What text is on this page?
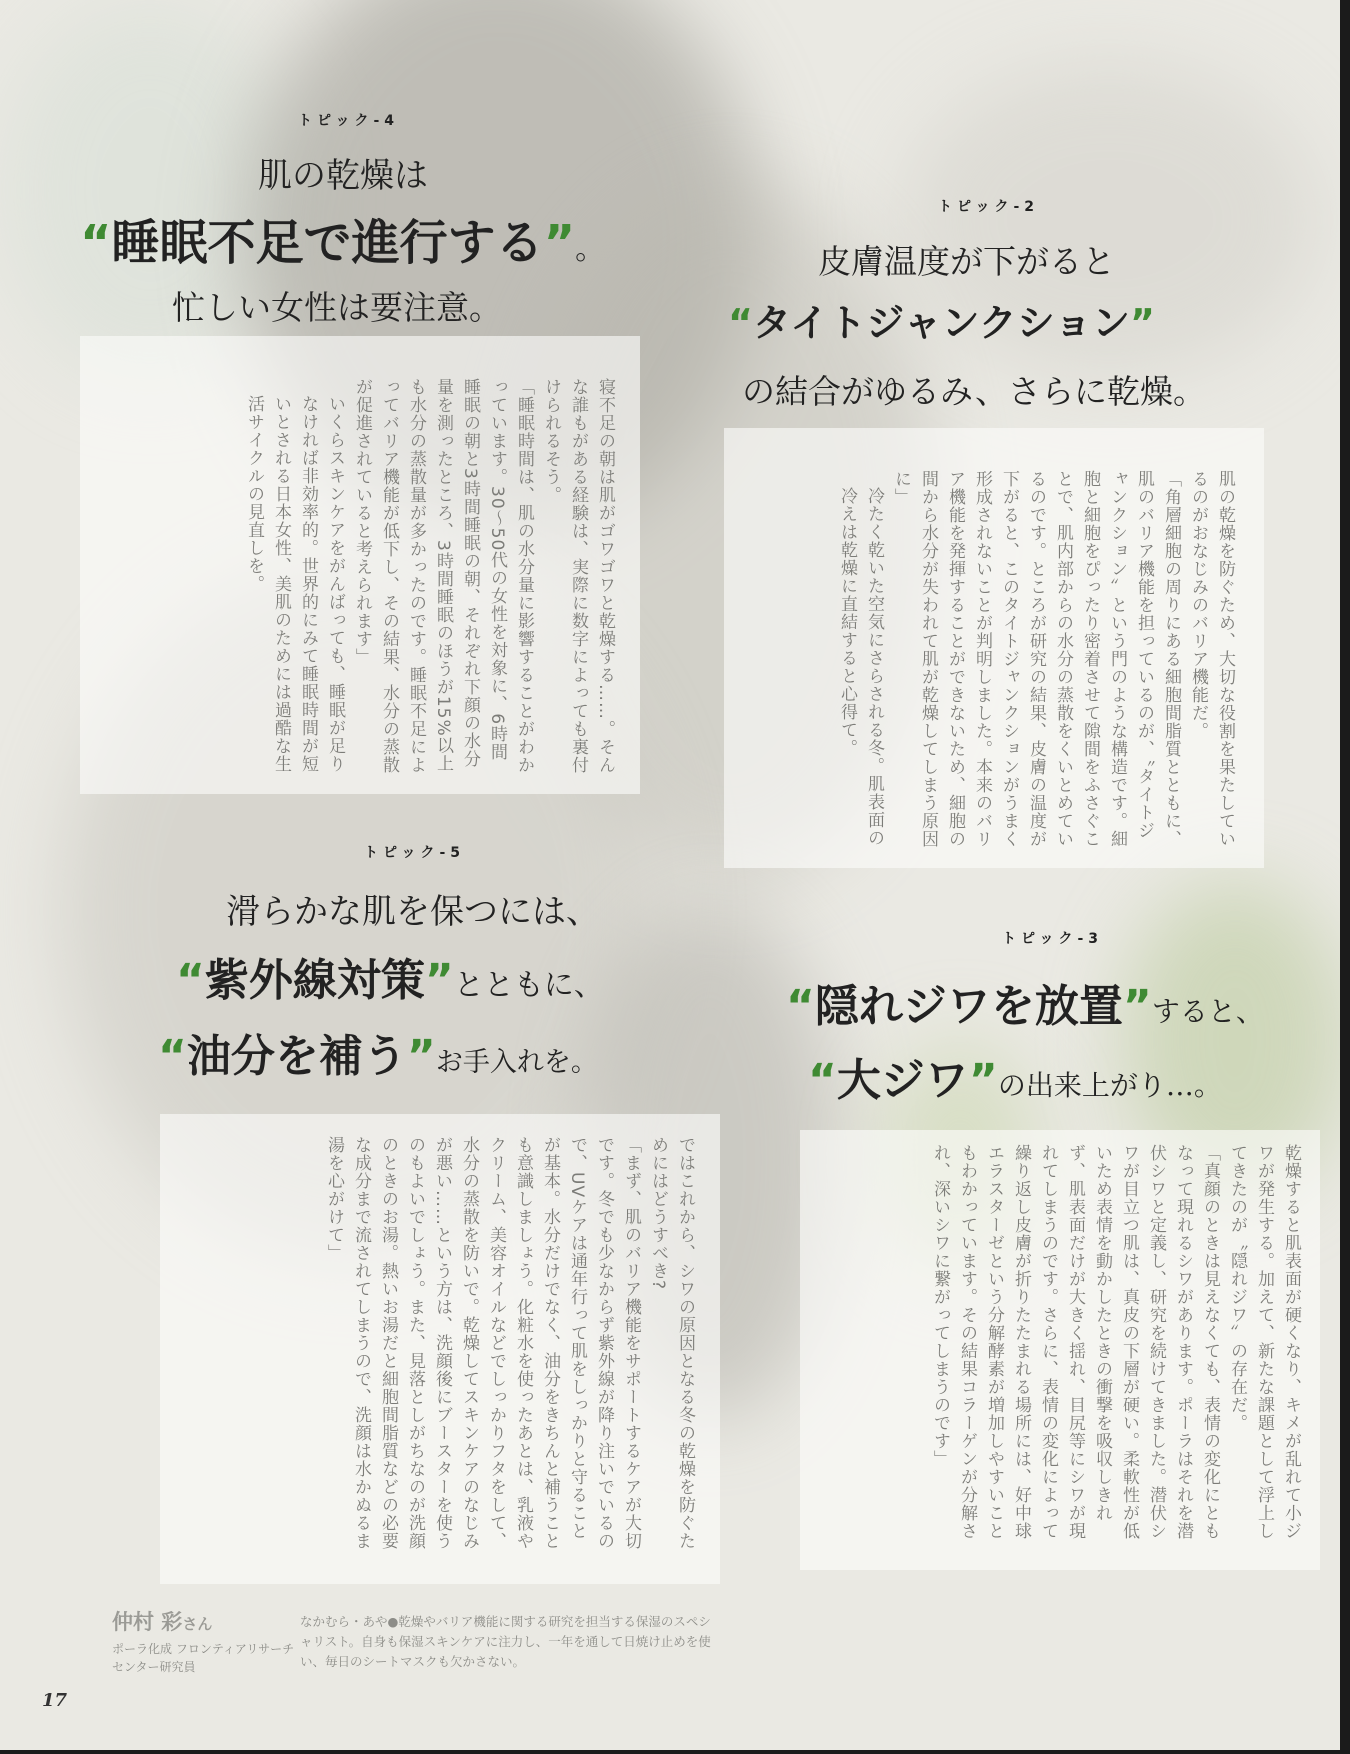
トピック-4
肌の乾燥は
“睡眠不足で進行する”。
忙しい女性は要注意。

寝不足の朝は肌がゴワゴワと乾燥する……。そんな誰もがある経験は、実際に数字によっても裏付けられるそう。

「睡眠時間は、肌の水分量に影響することがわかっています。30〜50代の女性を対象に、6時間睡眠の朝と3時間睡眠の朝、それぞれ下顔の水分量を測ったところ、3時間睡眠のほうが15%以上も水分の蒸散量が多かったのです。睡眠不足によってバリア機能が低下し、その結果、水分の蒸散が促進されていると考えられます」

いくらスキンケアをがんばっても、睡眠が足りなければ非効率的。世界的にみて睡眠時間が短いとされる日本女性、美肌のためには過酷な生活サイクルの見直しを。

トピック-2
皮膚温度が下がると
“タイトジャンクション”
の結合がゆるみ、さらに乾燥。

肌の乾燥を防ぐため、大切な役割を果たしているのがおなじみのバリア機能だ。

「角層細胞の周りにある細胞間脂質とともに、肌のバリア機能を担っているのが、〝タイトジャンクション〟という門のような構造です。細胞と細胞をぴったり密着させて隙間をふさぐことで、肌内部からの水分の蒸散をくいとめているのです。ところが研究の結果、皮膚の温度が下がると、このタイトジャンクションがうまく形成されないことが判明しました。本来のバリア機能を発揮することができないため、細胞の間から水分が失われて肌が乾燥してしまう原因に」

冷たく乾いた空気にさらされる冬。肌表面の冷えは乾燥に直結すると心得て。

トピック-5
滑らかな肌を保つには、
“紫外線対策”とともに、
“油分を補う”お手入れを。

ではこれから、シワの原因となる冬の乾燥を防ぐためにはどうすべき?

「まず、肌のバリア機能をサポートするケアが大切です。冬でも少なからず紫外線が降り注いでいるので、UVケアは通年行って肌をしっかりと守ることが基本。水分だけでなく、油分をきちんと補うことも意識しましょう。化粧水を使ったあとは、乳液やクリーム、美容オイルなどでしっかりフタをして、水分の蒸散を防いで。乾燥してスキンケアのなじみが悪い……という方は、洗顔後にブースターを使うのもよいでしょう。また、見落としがちなのが洗顔のときのお湯。熱いお湯だと細胞間脂質などの必要な成分まで流されてしまうので、洗顔は水かぬるま湯を心がけて」

トピック-3
“隠れジワを放置”すると、
“大ジワ”の出来上がり…。

乾燥すると肌表面が硬くなり、キメが乱れて小ジワが発生する。加えて、新たな課題として浮上してきたのが〝隠れジワ〟の存在だ。

「真顔のときは見えなくても、表情の変化にともなって現れるシワがあります。ポーラはそれを潜伏シワと定義し、研究を続けてきました。潜伏シワが目立つ肌は、真皮の下層が硬い。柔軟性が低いため表情を動かしたときの衝撃を吸収しきれず、肌表面だけが大きく揺れ、目尻等にシワが現れてしまうのです。さらに、表情の変化によって繰り返し皮膚が折りたたまれる場所には、好中球エラスターゼという分解酵素が増加しやすいこともわかっています。その結果コラーゲンが分解され、深いシワに繋がってしまうのです」

仲村 彩さん
ポーラ化成 フロンティアリサーチセンター研究員
なかむら・あや●乾燥やバリア機能に関する研究を担当する保湿のスペシャリスト。自身も保湿スキンケアに注力し、一年を通して日焼け止めを使い、毎日のシートマスクも欠かさない。
17
